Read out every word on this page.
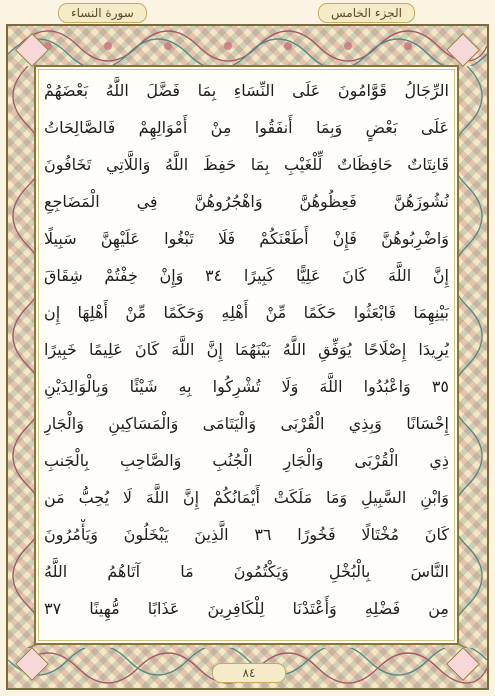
سورة النساء	الجزء الخامس
الرِّجَالُ قَوَّامُونَ عَلَى النِّسَاءِ بِمَا فَضَّلَ اللَّهُ بَعْضَهُمْ
عَلَى بَعْضٍ وَبِمَا أَنفَقُوا مِنْ أَمْوَالِهِمْ فَالصَّالِحَاتُ
قَانِتَاتٌ حَافِظَاتٌ لِّلْغَيْبِ بِمَا حَفِظَ اللَّهُ وَاللَّاتِي تَخَافُونَ
نُشُوزَهُنَّ فَعِظُوهُنَّ وَاهْجُرُوهُنَّ فِي الْمَضَاجِعِ
وَاضْرِبُوهُنَّ فَإِنْ أَطَعْنَكُمْ فَلَا تَبْغُوا عَلَيْهِنَّ سَبِيلًا
إِنَّ اللَّهَ كَانَ عَلِيًّا كَبِيرًا ٣٤ وَإِنْ خِفْتُمْ شِقَاقَ
بَيْنِهِمَا فَابْعَثُوا حَكَمًا مِّنْ أَهْلِهِ وَحَكَمًا مِّنْ أَهْلِهَا إِن
يُرِيدَا إِصْلَاحًا يُوَفِّقِ اللَّهُ بَيْنَهُمَا إِنَّ اللَّهَ كَانَ عَلِيمًا خَبِيرًا
٣٥ وَاعْبُدُوا اللَّهَ وَلَا تُشْرِكُوا بِهِ شَيْئًا وَبِالْوَالِدَيْنِ
إِحْسَانًا وَبِذِي الْقُرْبَى وَالْيَتَامَى وَالْمَسَاكِينِ وَالْجَارِ
ذِي الْقُرْبَى وَالْجَارِ الْجُنُبِ وَالصَّاحِبِ بِالْجَنبِ
وَابْنِ السَّبِيلِ وَمَا مَلَكَتْ أَيْمَانُكُمْ إِنَّ اللَّهَ لَا يُحِبُّ مَن
كَانَ مُخْتَالًا فَخُورًا ٣٦ الَّذِينَ يَبْخَلُونَ وَيَأْمُرُونَ
النَّاسَ بِالْبُخْلِ وَيَكْتُمُونَ مَا آتَاهُمُ اللَّهُ
مِن فَضْلِهِ وَأَعْتَدْنَا لِلْكَافِرِينَ عَذَابًا مُّهِينًا ٣٧
٨٤
